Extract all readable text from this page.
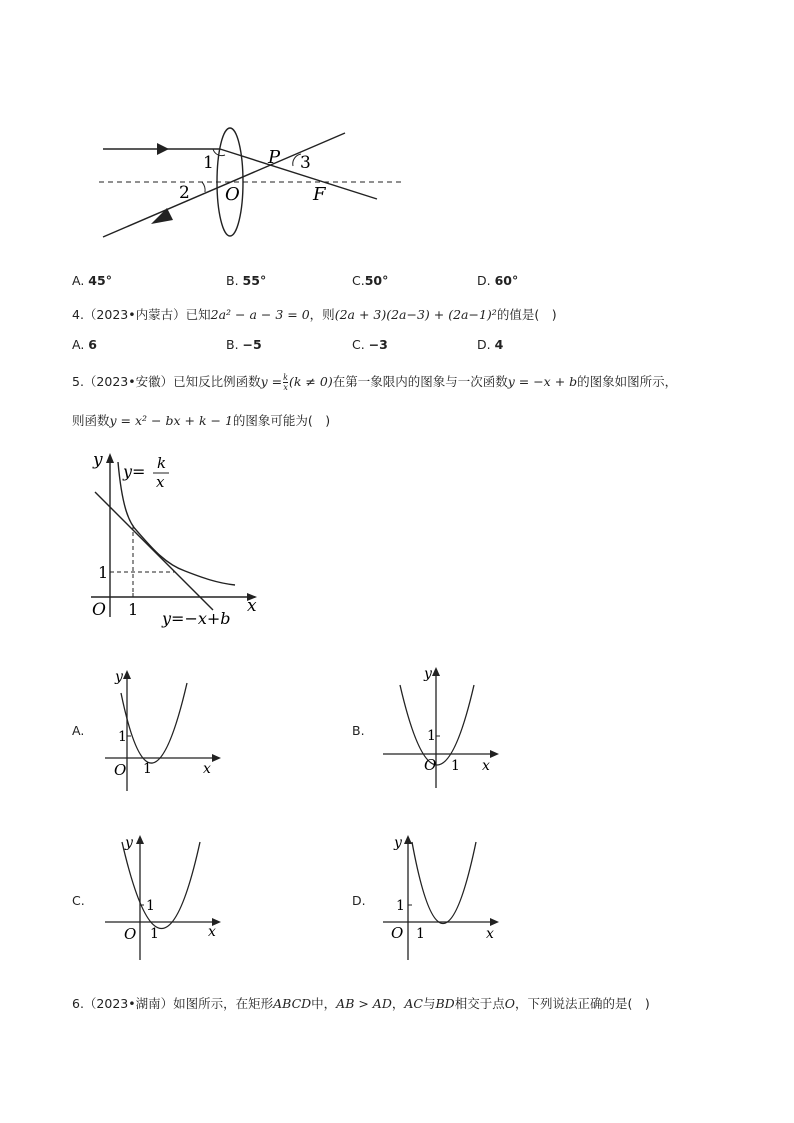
1
2
3
P
O	F
A. 45°	B. 55°	C.50°	D. 60°
4.（2023•内蒙古）已知2a² − a − 3 = 0，则(2a + 3)(2a−3) + (2a−1)²的值是(　)
A. 6	B. −5	C. −3	D. 4
5.（2023•安徽）已知反比例函数$y = \frac{k}{x} (k \ne 0)$在第一象限内的图象与一次函数y = −x + b的图象如图所示，
则函数y = x² − bx + k − 1的图象可能为(　)
y
x
O 1
1
y= k
x
y=−x+b
A.
y
x
O 1
1	B.
y
x
O 1
1
C.
y
x
O 1
1	D.
y
x
O 1
1
6.（2023•湖南）如图所示，在矩形ABCD中，AB > AD，AC与BD相交于点O，下列说法正确的是(　)
